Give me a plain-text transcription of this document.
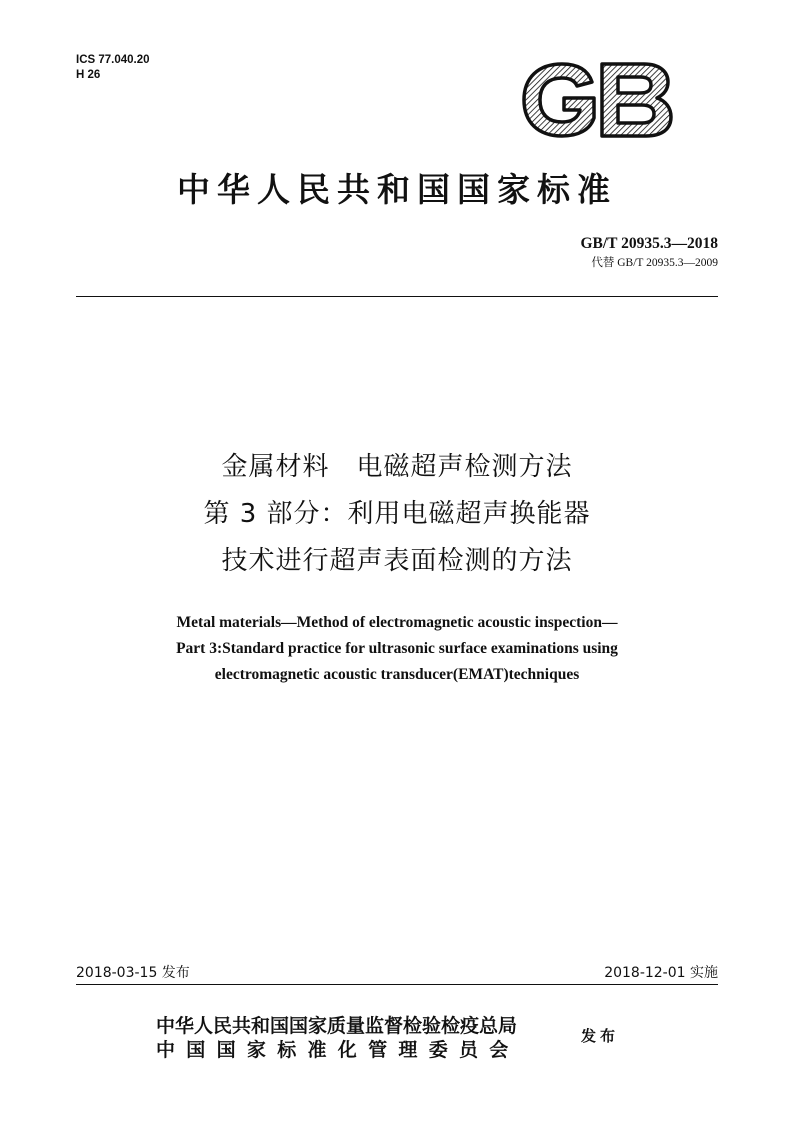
ICS 77.040.20
H 26
中华人民共和国国家标准
GB/T 20935.3—2018
代替 GB/T 20935.3—2009
金属材料　电磁超声检测方法
第 3 部分：利用电磁超声换能器
技术进行超声表面检测的方法
Metal materials—Method of electromagnetic acoustic inspection—
Part 3:Standard practice for ultrasonic surface examinations using
electromagnetic acoustic transducer(EMAT)techniques
2018-03-15 发布	2018-12-01 实施
中华人民共和国国家质量监督检验检疫总局
中国国家标准化管理委员会
发布
